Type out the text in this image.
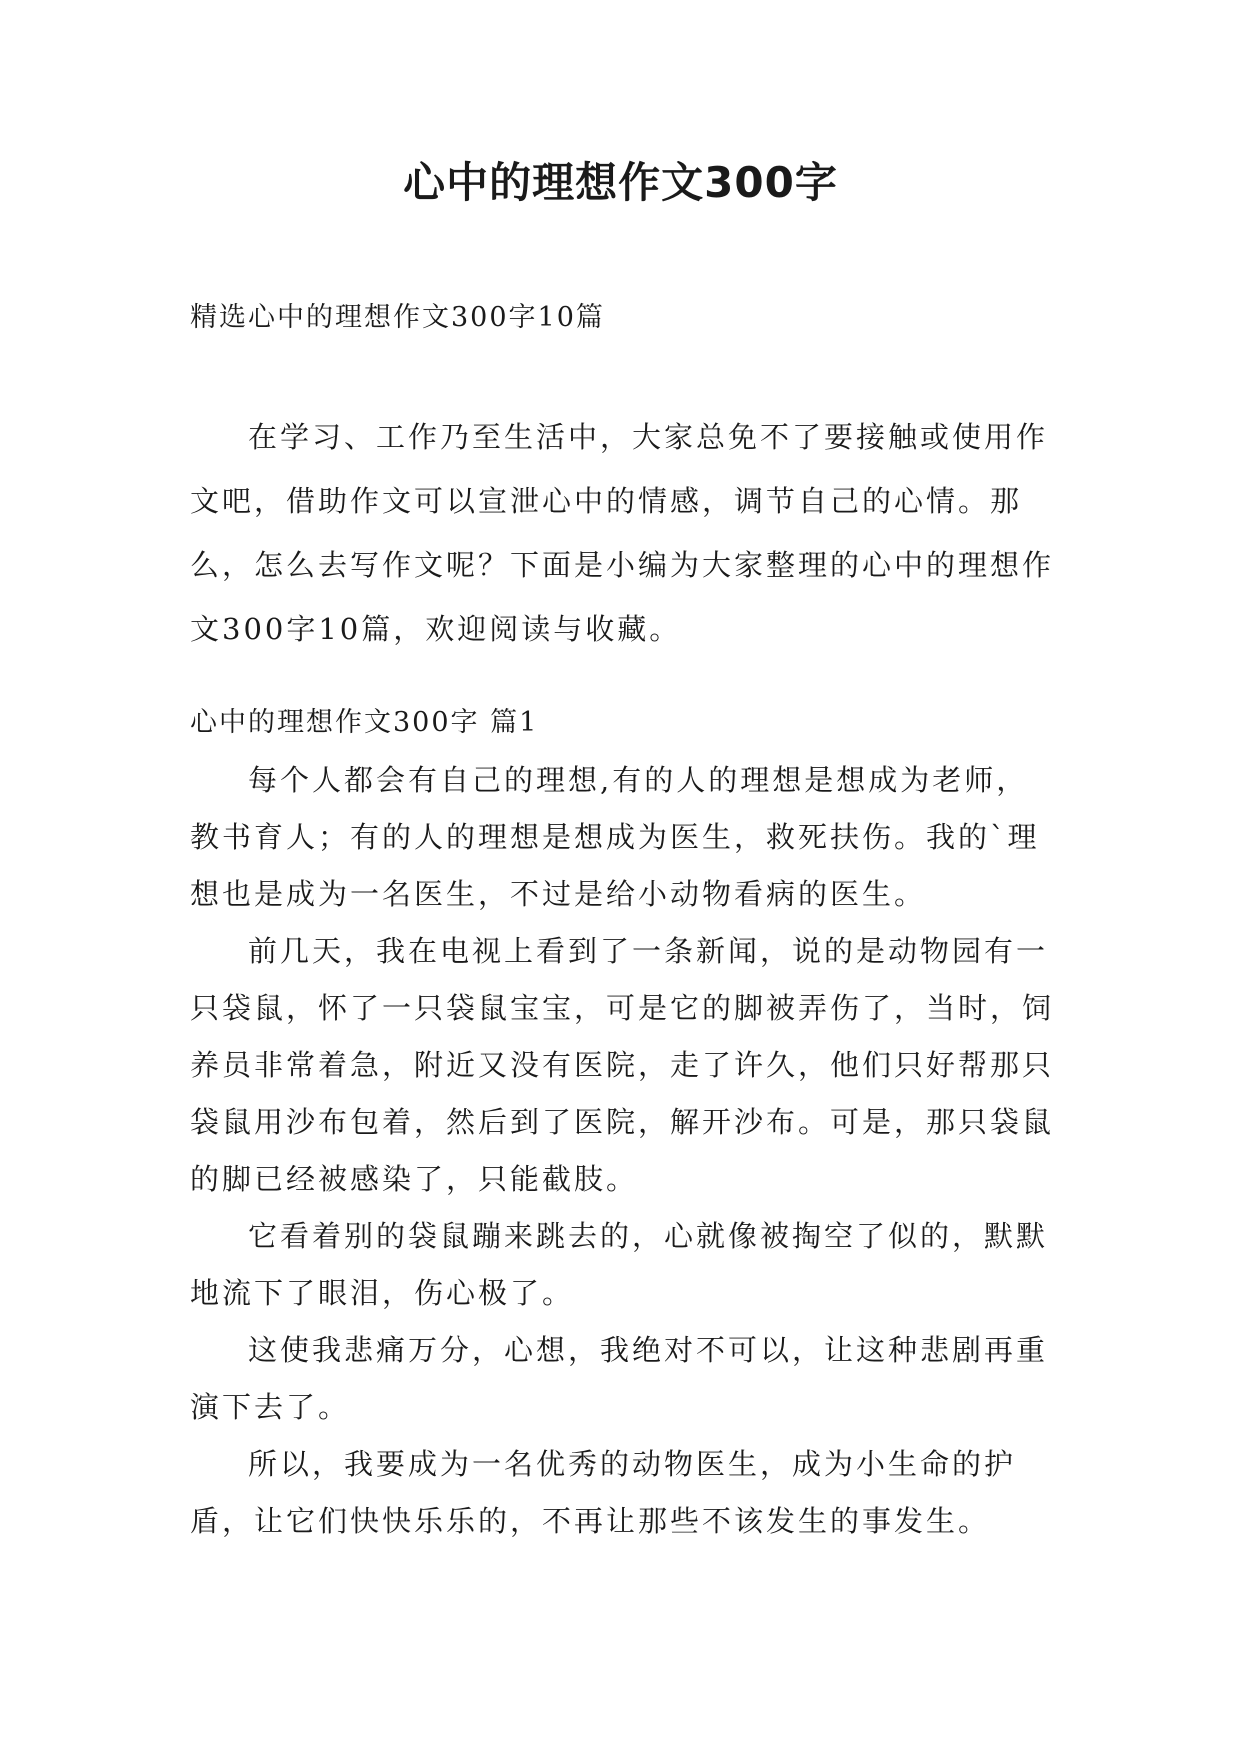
心中的理想作文300字

精选心中的理想作文300字10篇

在学习、工作乃至生活中，大家总免不了要接触或使用作文吧，借助作文可以宣泄心中的情感，调节自己的心情。那么，怎么去写作文呢？下面是小编为大家整理的心中的理想作文300字10篇，欢迎阅读与收藏。

心中的理想作文300字 篇1

每个人都会有自己的理想,有的人的理想是想成为老师，教书育人；有的人的理想是想成为医生，救死扶伤。我的`理想也是成为一名医生，不过是给小动物看病的医生。

前几天，我在电视上看到了一条新闻，说的是动物园有一只袋鼠，怀了一只袋鼠宝宝，可是它的脚被弄伤了，当时，饲养员非常着急，附近又没有医院，走了许久，他们只好帮那只袋鼠用沙布包着，然后到了医院，解开沙布。可是，那只袋鼠的脚已经被感染了，只能截肢。

它看着别的袋鼠蹦来跳去的，心就像被掏空了似的，默默地流下了眼泪，伤心极了。

这使我悲痛万分，心想，我绝对不可以，让这种悲剧再重演下去了。

所以，我要成为一名优秀的动物医生，成为小生命的护盾，让它们快快乐乐的，不再让那些不该发生的事发生。
